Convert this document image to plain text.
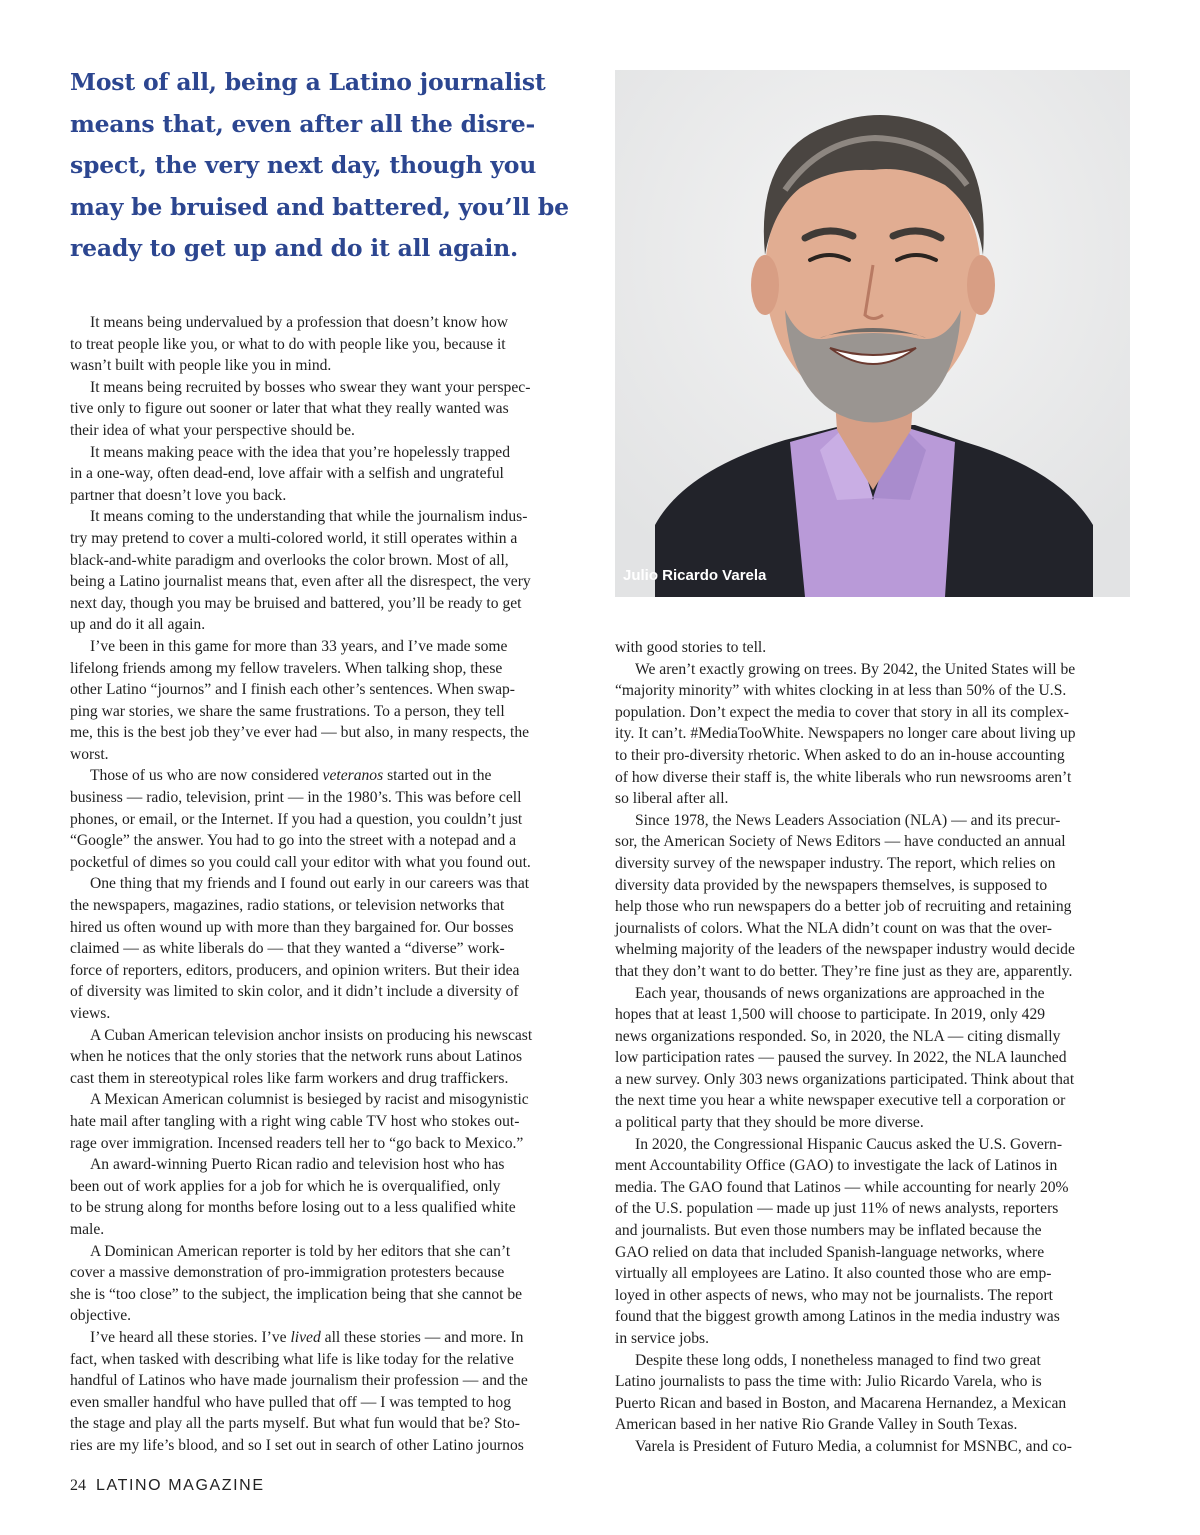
Most of all, being a Latino journalist
means that, even after all the disre-
spect, the very next day, though you
may be bruised and battered, you’ll be
ready to get up and do it all again.

It means being undervalued by a profession that doesn’t know how
to treat people like you, or what to do with people like you, because it
wasn’t built with people like you in mind.

It means being recruited by bosses who swear they want your perspec-
tive only to figure out sooner or later that what they really wanted was
their idea of what your perspective should be.

It means making peace with the idea that you’re hopelessly trapped
in a one-way, often dead-end, love affair with a selfish and ungrateful
partner that doesn’t love you back.

It means coming to the understanding that while the journalism indus-
try may pretend to cover a multi-colored world, it still operates within a
black-and-white paradigm and overlooks the color brown. Most of all,
being a Latino journalist means that, even after all the disrespect, the very
next day, though you may be bruised and battered, you’ll be ready to get
up and do it all again.

I’ve been in this game for more than 33 years, and I’ve made some
lifelong friends among my fellow travelers. When talking shop, these
other Latino “journos” and I finish each other’s sentences. When swap-
ping war stories, we share the same frustrations. To a person, they tell
me, this is the best job they’ve ever had — but also, in many respects, the
worst.

Those of us who are now considered veteranos started out in the
business — radio, television, print — in the 1980’s. This was before cell
phones, or email, or the Internet. If you had a question, you couldn’t just
“Google” the answer. You had to go into the street with a notepad and a
pocketful of dimes so you could call your editor with what you found out.

One thing that my friends and I found out early in our careers was that
the newspapers, magazines, radio stations, or television networks that
hired us often wound up with more than they bargained for. Our bosses
claimed — as white liberals do — that they wanted a “diverse” work-
force of reporters, editors, producers, and opinion writers. But their idea
of diversity was limited to skin color, and it didn’t include a diversity of
views.

A Cuban American television anchor insists on producing his newscast
when he notices that the only stories that the network runs about Latinos
cast them in stereotypical roles like farm workers and drug traffickers.

A Mexican American columnist is besieged by racist and misogynistic
hate mail after tangling with a right wing cable TV host who stokes out-
rage over immigration. Incensed readers tell her to “go back to Mexico.”

An award-winning Puerto Rican radio and television host who has
been out of work applies for a job for which he is overqualified, only
to be strung along for months before losing out to a less qualified white
male.

A Dominican American reporter is told by her editors that she can’t
cover a massive demonstration of pro-immigration protesters because
she is “too close” to the subject, the implication being that she cannot be
objective.

I’ve heard all these stories. I’ve lived all these stories — and more. In
fact, when tasked with describing what life is like today for the relative
handful of Latinos who have made journalism their profession — and the
even smaller handful who have pulled that off — I was tempted to hog
the stage and play all the parts myself. But what fun would that be? Sto-
ries are my life’s blood, and so I set out in search of other Latino journos

Julio Ricardo Varela

with good stories to tell.

We aren’t exactly growing on trees. By 2042, the United States will be
“majority minority” with whites clocking in at less than 50% of the U.S.
population. Don’t expect the media to cover that story in all its complex-
ity. It can’t. #MediaTooWhite. Newspapers no longer care about living up
to their pro-diversity rhetoric. When asked to do an in-house accounting
of how diverse their staff is, the white liberals who run newsrooms aren’t
so liberal after all.

Since 1978, the News Leaders Association (NLA) — and its precur-
sor, the American Society of News Editors — have conducted an annual
diversity survey of the newspaper industry. The report, which relies on
diversity data provided by the newspapers themselves, is supposed to
help those who run newspapers do a better job of recruiting and retaining
journalists of colors. What the NLA didn’t count on was that the over-
whelming majority of the leaders of the newspaper industry would decide
that they don’t want to do better. They’re fine just as they are, apparently.

Each year, thousands of news organizations are approached in the
hopes that at least 1,500 will choose to participate. In 2019, only 429
news organizations responded. So, in 2020, the NLA — citing dismally
low participation rates — paused the survey. In 2022, the NLA launched
a new survey. Only 303 news organizations participated. Think about that
the next time you hear a white newspaper executive tell a corporation or
a political party that they should be more diverse.

In 2020, the Congressional Hispanic Caucus asked the U.S. Govern-
ment Accountability Office (GAO) to investigate the lack of Latinos in
media. The GAO found that Latinos — while accounting for nearly 20%
of the U.S. population — made up just 11% of news analysts, reporters
and journalists. But even those numbers may be inflated because the
GAO relied on data that included Spanish-language networks, where
virtually all employees are Latino. It also counted those who are emp-
loyed in other aspects of news, who may not be journalists. The report
found that the biggest growth among Latinos in the media industry was
in service jobs.

Despite these long odds, I nonetheless managed to find two great
Latino journalists to pass the time with: Julio Ricardo Varela, who is
Puerto Rican and based in Boston, and Macarena Hernandez, a Mexican
American based in her native Rio Grande Valley in South Texas.

Varela is President of Futuro Media, a columnist for MSNBC, and co-

24 LATINO MAGAZINE
